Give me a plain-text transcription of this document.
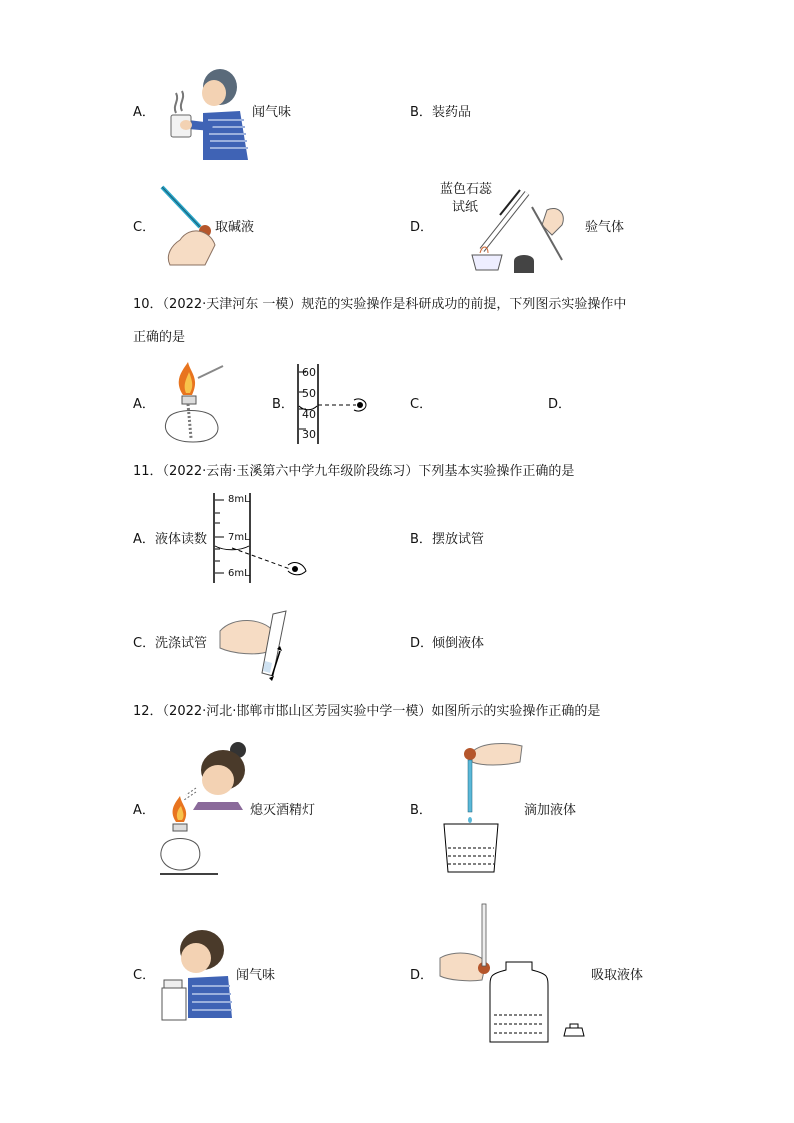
A．	闻气味	B． 装药品
C．	取碱液	D．
蓝色石蕊
试纸
验气体
10．（2022·天津河东 一模）规范的实验操作是科研成功的前提，下列图示实验操作中
正确的是
A．	B．
60
50
40
30
C．	D．
11．（2022·云南·玉溪第六中学九年级阶段练习）下列基本实验操作正确的是
A． 液体读数
8mL
7mL
6mL
B． 摆放试管
C． 洗涤试管	D．
倾倒液体
12．（2022·河北·邯郸市邯山区芳园实验中学一模）如图所示的实验操作正确的是
A．	熄灭酒精灯	B．	滴加液体
C．	闻气味	D．	吸取液体
